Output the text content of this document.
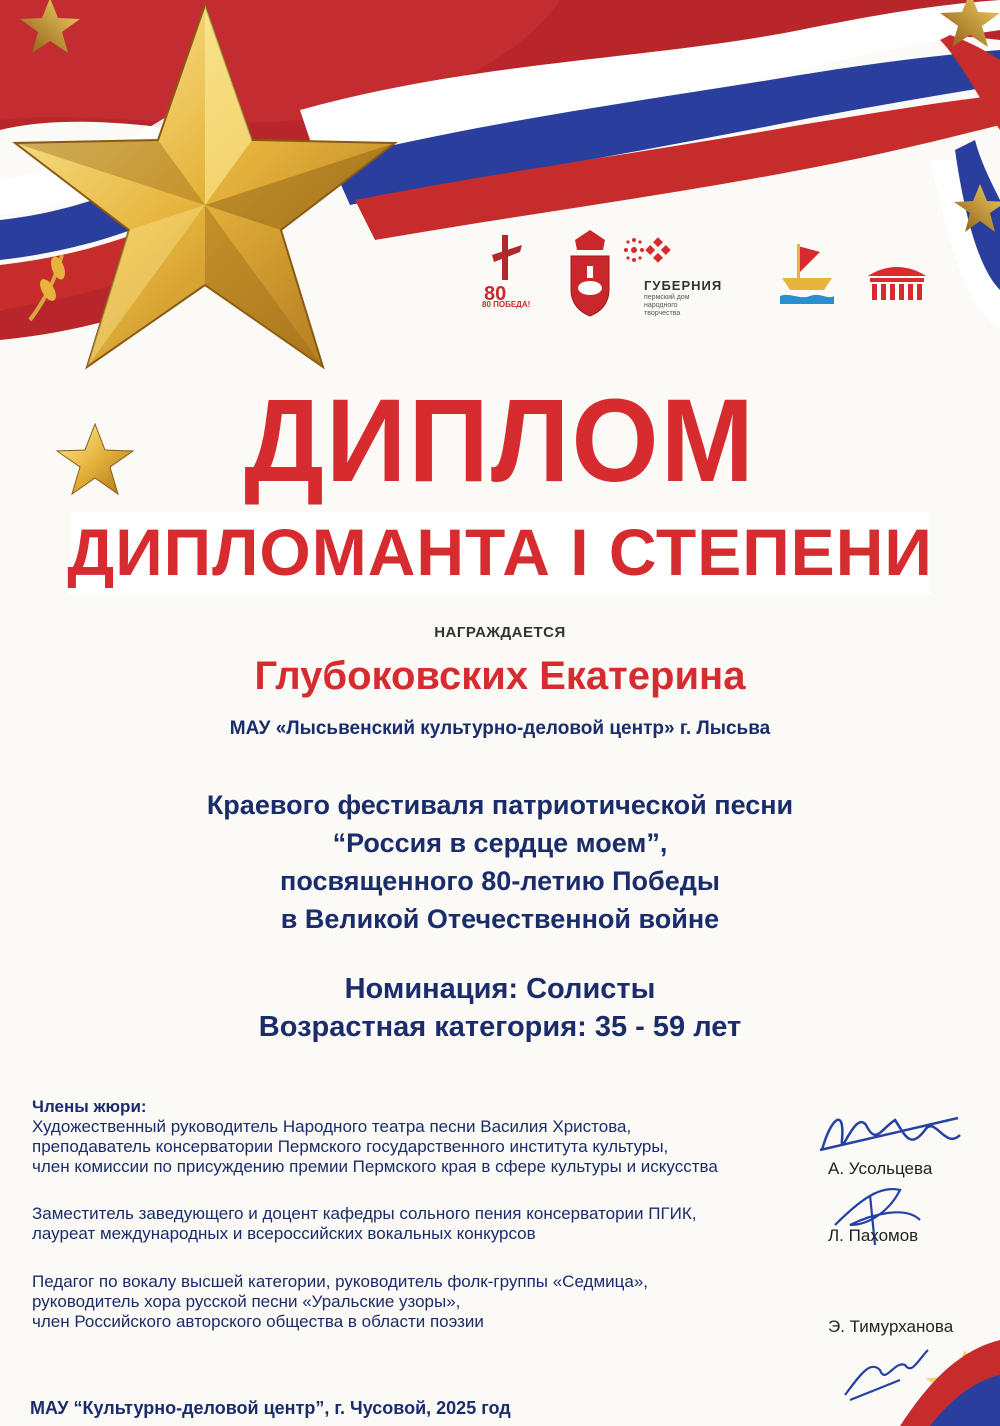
80
80 ПОБЕДА!
ГУБЕРНИЯ
пермский дом народного творчества
ДИПЛОМ
ДИПЛОМАНТА I СТЕПЕНИ
НАГРАЖДАЕТСЯ
Глубоковских Екатерина
МАУ «Лысьвенский культурно-деловой центр» г. Лысьва
Краевого фестиваля патриотической песни
“Россия в сердце моем”,
посвященного 80-летию Победы
в Великой Отечественной войне
Номинация: Солисты
Возрастная категория: 35 - 59 лет
Члены жюри:
Художественный руководитель Народного театра песни Василия Христова,
преподаватель консерватории Пермского государственного института культуры,
член комиссии по присуждению премии Пермского края в сфере культуры и искусства	А. Усольцева
Заместитель заведующего и доцент кафедры сольного пения консерватории ПГИК,
лауреат международных и всероссийских вокальных конкурсов	Л. Пахомов
Педагог по вокалу высшей категории, руководитель фолк-группы «Седмица»,
руководитель хора русской песни «Уральские узоры»,
член Российского авторского общества в области поэзии	Э. Тимурханова
МАУ “Культурно-деловой центр”, г. Чусовой, 2025 год
